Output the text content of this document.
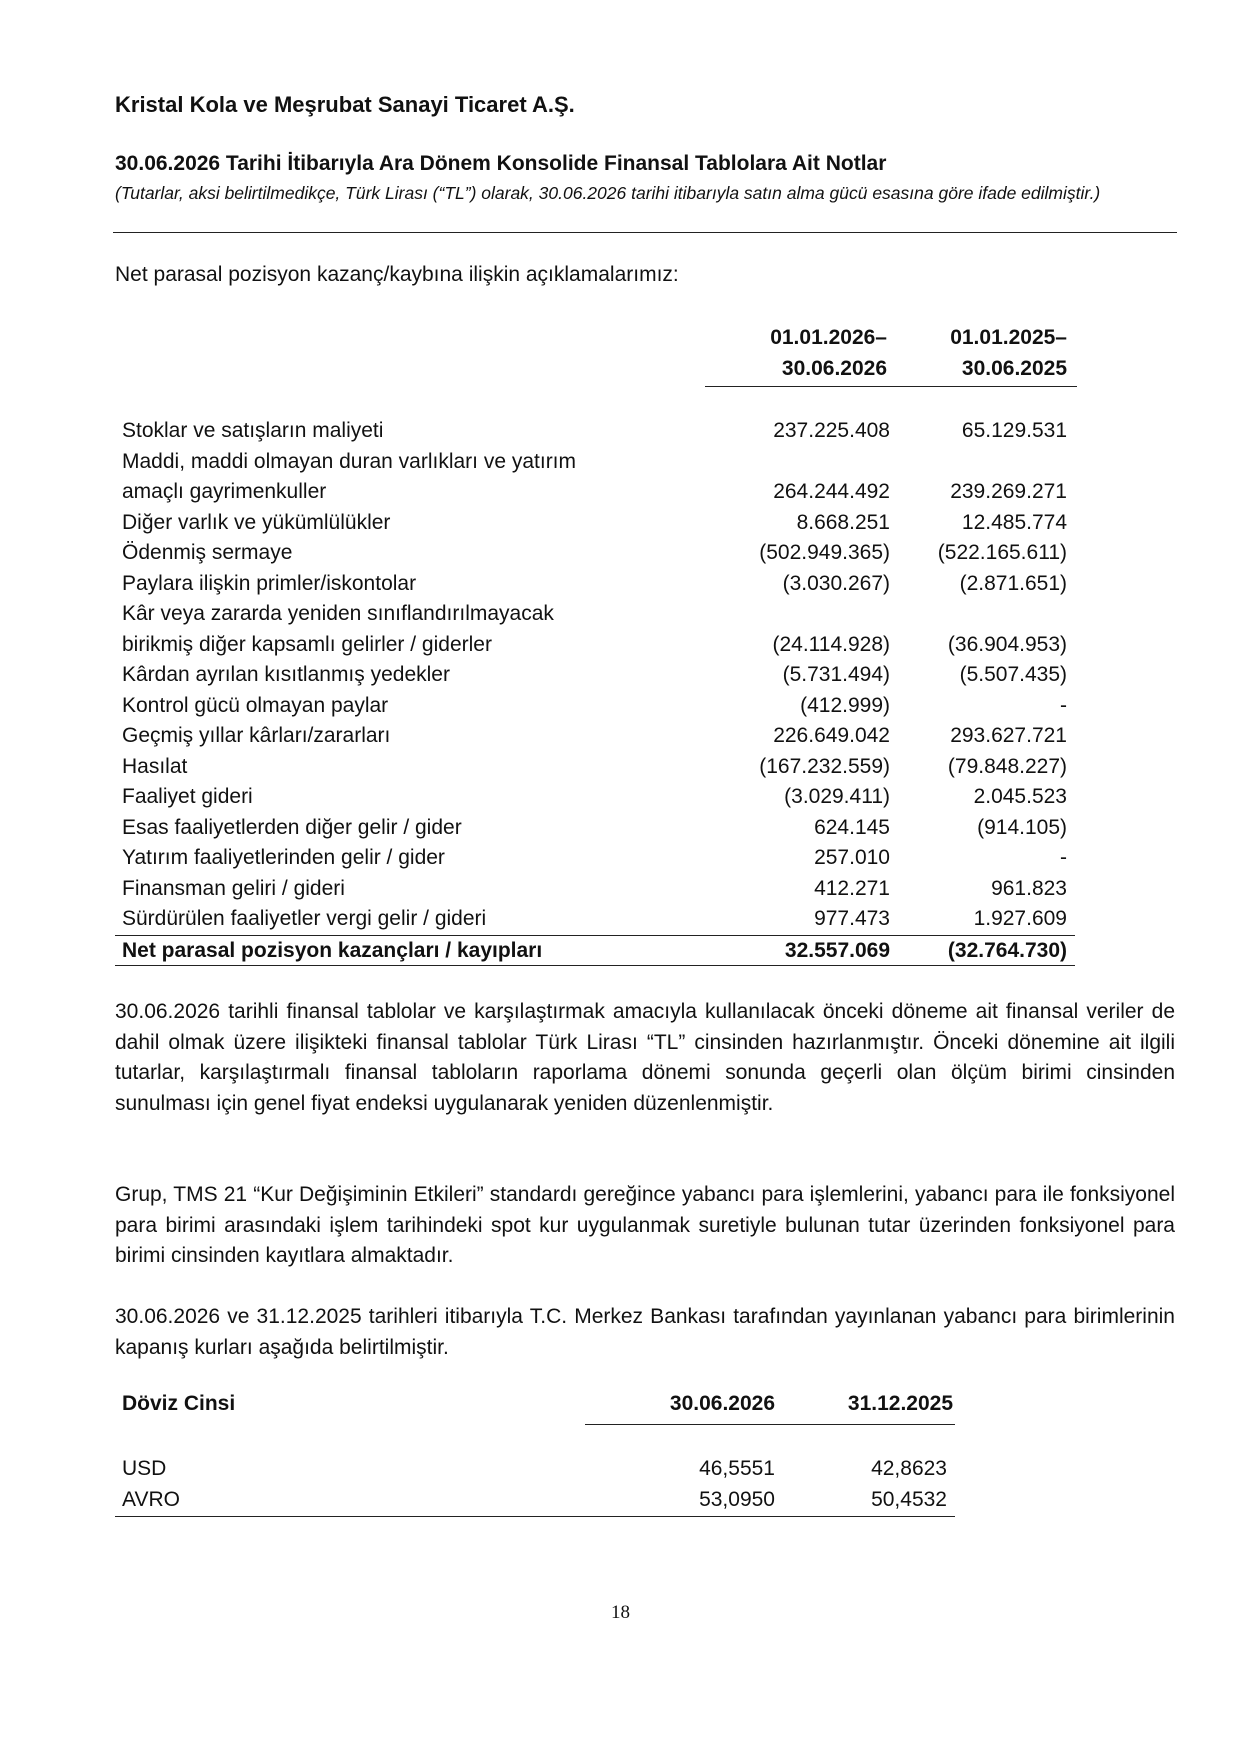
Kristal Kola ve Meşrubat Sanayi Ticaret A.Ş.
30.06.2026 Tarihi İtibarıyla Ara Dönem Konsolide Finansal Tablolara Ait Notlar
(Tutarlar, aksi belirtilmedikçe, Türk Lirası (“TL”) olarak, 30.06.2026 tarihi itibarıyla satın alma gücü esasına göre ifade edilmiştir.)
Net parasal pozisyon kazanç/kaybına ilişkin açıklamalarımız:
01.01.2026–
30.06.2026
01.01.2025–
30.06.2025
Stoklar ve satışların maliyeti	237.225.408	65.129.531
Maddi, maddi olmayan duran varlıkları ve yatırım
amaçlı gayrimenkuller	264.244.492	239.269.271
Diğer varlık ve yükümlülükler	8.668.251	12.485.774
Ödenmiş sermaye	(502.949.365) (522.165.611)
Paylara ilişkin primler/iskontolar	(3.030.267)	(2.871.651)
Kâr veya zararda yeniden sınıflandırılmayacak
birikmiş diğer kapsamlı gelirler / giderler	(24.114.928)	(36.904.953)
Kârdan ayrılan kısıtlanmış yedekler	(5.731.494)	(5.507.435)
Kontrol gücü olmayan paylar	(412.999)	-
Geçmiş yıllar kârları/zararları	226.649.042	293.627.721
Hasılat	(167.232.559)	(79.848.227)
Faaliyet gideri	(3.029.411)	2.045.523
Esas faaliyetlerden diğer gelir / gider	624.145	(914.105)
Yatırım faaliyetlerinden gelir / gider	257.010	-
Finansman geliri / gideri	412.271	961.823
Sürdürülen faaliyetler vergi gelir / gideri	977.473	1.927.609
Net parasal pozisyon kazançları / kayıpları	32.557.069	(32.764.730)
30.06.2026 tarihli finansal tablolar ve karşılaştırmak amacıyla kullanılacak önceki döneme ait finansal veriler de dahil olmak üzere ilişikteki finansal tablolar Türk Lirası “TL” cinsinden hazırlanmıştır. Önceki dönemine ait ilgili tutarlar, karşılaştırmalı finansal tabloların raporlama dönemi sonunda geçerli olan ölçüm birimi cinsinden sunulması için genel fiyat endeksi uygulanarak yeniden düzenlenmiştir.
Grup, TMS 21 “Kur Değişiminin Etkileri” standardı gereğince yabancı para işlemlerini, yabancı para ile fonksiyonel para birimi arasındaki işlem tarihindeki spot kur uygulanmak suretiyle bulunan tutar üzerinden fonksiyonel para birimi cinsinden kayıtlara almaktadır.
30.06.2026 ve 31.12.2025 tarihleri itibarıyla T.C. Merkez Bankası tarafından yayınlanan yabancı para birimlerinin kapanış kurları aşağıda belirtilmiştir.
Döviz Cinsi	30.06.2026	31.12.2025
USD	46,5551	42,8623
AVRO	53,0950	50,4532
18
